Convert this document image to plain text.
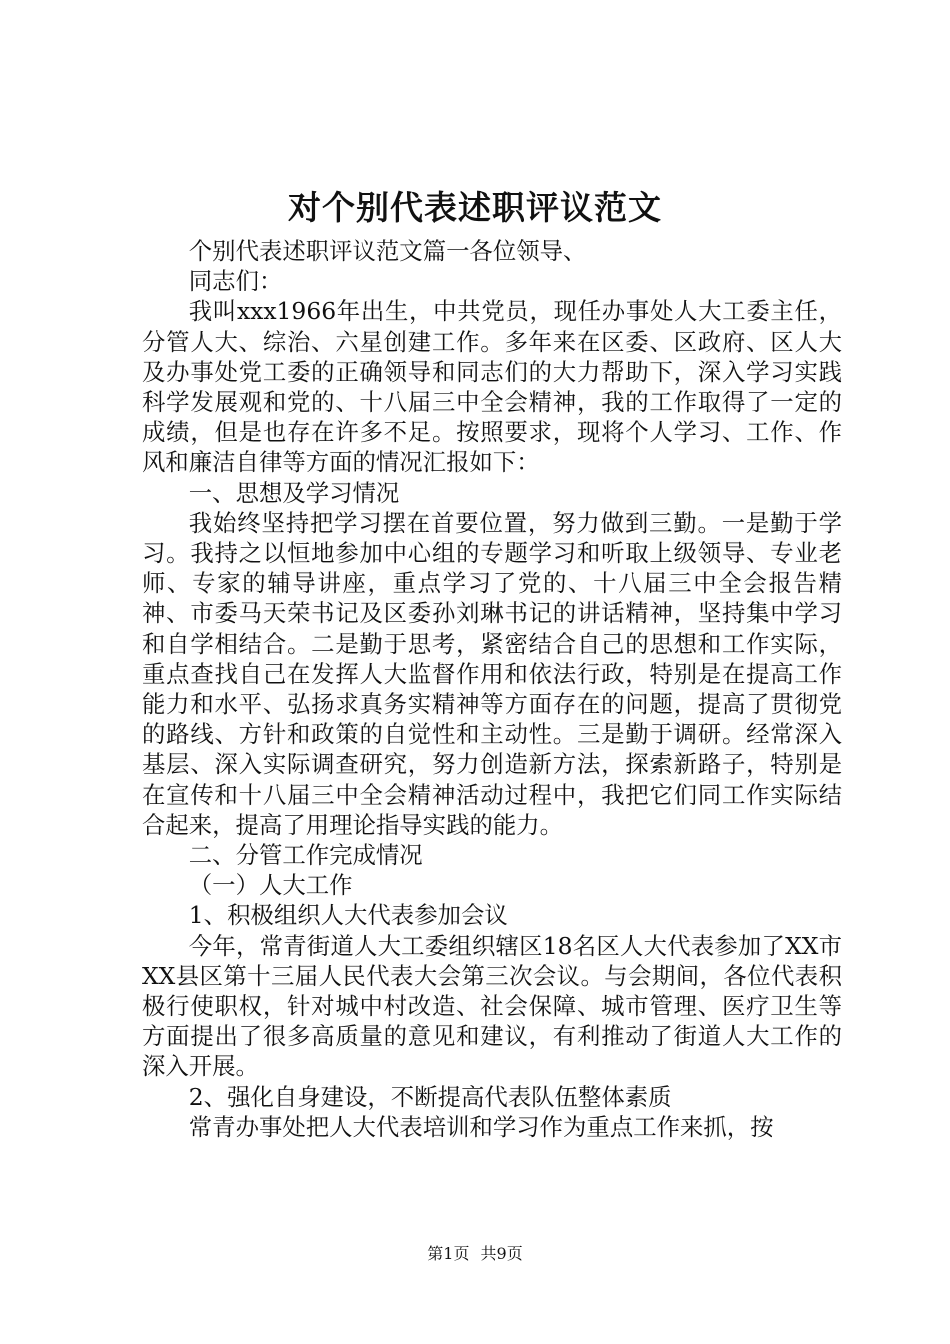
对个别代表述职评议范文

个别代表述职评议范文篇一各位领导、

同志们：

我叫xxx1966年出生，中共党员，现任办事处人大工委主任，分管人大、综治、六星创建工作。多年来在区委、区政府、区人大及办事处党工委的正确领导和同志们的大力帮助下，深入学习实践科学发展观和党的、十八届三中全会精神，我的工作取得了一定的成绩，但是也存在许多不足。按照要求，现将个人学习、工作、作风和廉洁自律等方面的情况汇报如下：

一、思想及学习情况

我始终坚持把学习摆在首要位置，努力做到三勤。一是勤于学习。我持之以恒地参加中心组的专题学习和听取上级领导、专业老师、专家的辅导讲座，重点学习了党的、十八届三中全会报告精神、市委马天荣书记及区委孙刘琳书记的讲话精神，坚持集中学习和自学相结合。二是勤于思考，紧密结合自己的思想和工作实际，重点查找自己在发挥人大监督作用和依法行政，特别是在提高工作能力和水平、弘扬求真务实精神等方面存在的问题，提高了贯彻党的路线、方针和政策的自觉性和主动性。三是勤于调研。经常深入基层、深入实际调查研究，努力创造新方法，探索新路子，特别是在宣传和十八届三中全会精神活动过程中，我把它们同工作实际结合起来，提高了用理论指导实践的能力。

二、分管工作完成情况

（一）人大工作

1、积极组织人大代表参加会议

今年，常青街道人大工委组织辖区18名区人大代表参加了XX市XX县区第十三届人民代表大会第三次会议。与会期间，各位代表积极行使职权，针对城中村改造、社会保障、城市管理、医疗卫生等方面提出了很多高质量的意见和建议，有利推动了街道人大工作的深入开展。

2、强化自身建设，不断提高代表队伍整体素质

常青办事处把人大代表培训和学习作为重点工作来抓，按

第1页 共9页
